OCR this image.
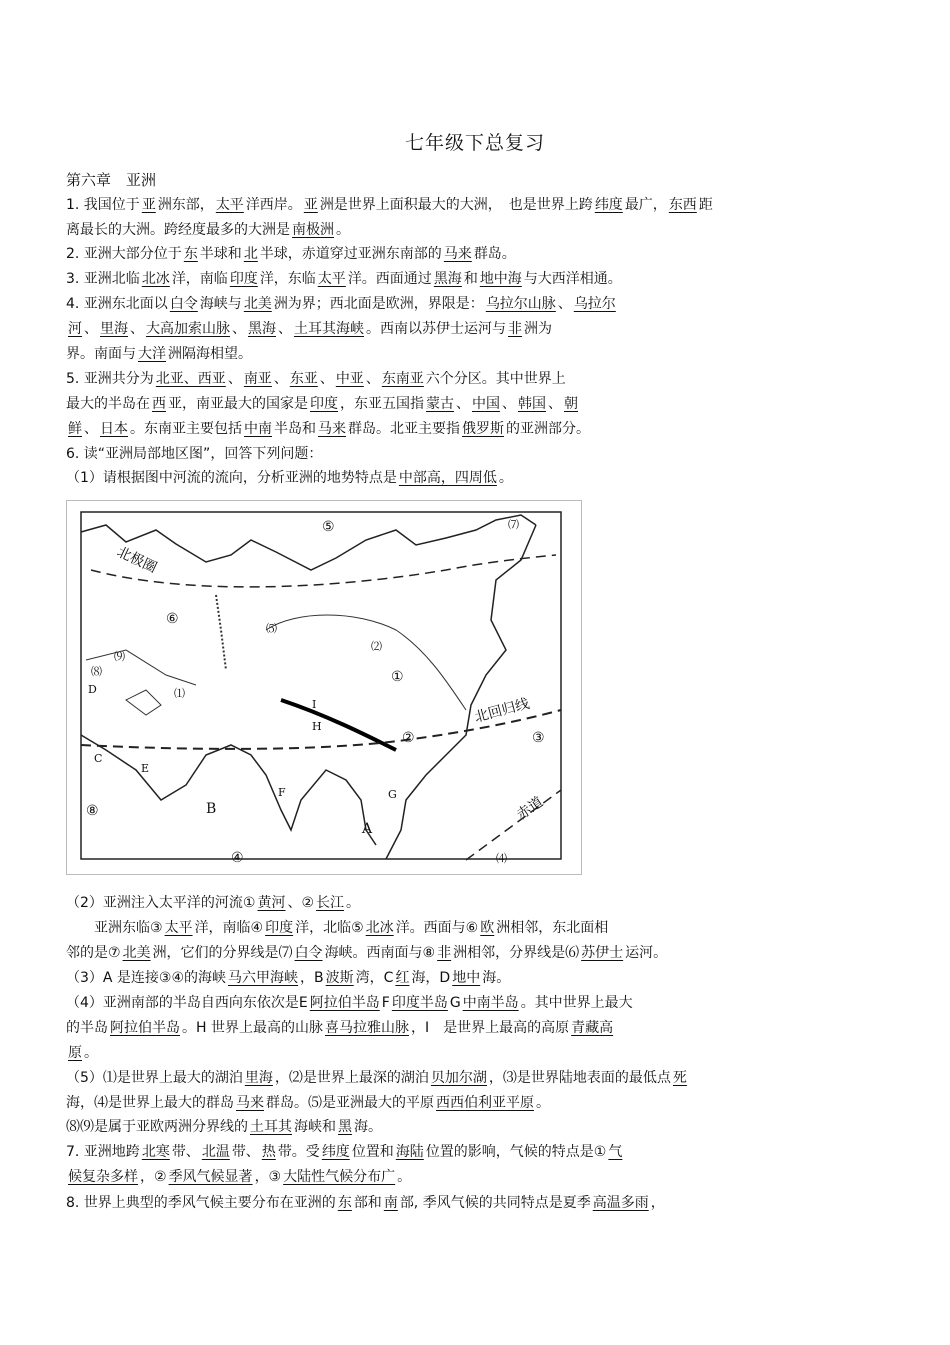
七年级下总复习
第六章　亚洲
1. 我国位于 亚 洲东部， 太平 洋西岸。 亚 洲是世界上面积最大的大洲，　也是世界上跨 纬度 最广， 东西 距
离最长的大洲。跨经度最多的大洲是 南极洲 。
2. 亚洲大部分位于 东 半球和 北 半球，赤道穿过亚洲东南部的 马来 群岛。
3. 亚洲北临 北冰 洋，南临 印度 洋，东临 太平 洋。西面通过 黑海 和 地中海 与大西洋相通。
4. 亚洲东北面以 白令 海峡与 北美 洲为界；西北面是欧洲，界限是： 乌拉尔山脉 、 乌拉尔
河 、 里海 、 大高加索山脉 、 黑海 、 土耳其海峡 。西南以苏伊士运河与 非 洲为
界。南面与 大洋 洲隔海相望。
5. 亚洲共分为 北亚、西亚 、 南亚 、 东亚 、 中亚 、 东南亚 六个分区。其中世界上
最大的半岛在 西 亚，南亚最大的国家是 印度 ，东亚五国指 蒙古 、 中国 、 韩国 、 朝
鲜 、 日本 。东南亚主要包括 中南 半岛和 马来 群岛。北亚主要指 俄罗斯 的亚洲部分。
6. 读“亚洲局部地区图”，回答下列问题：
（1）请根据图中河流的流向，分析亚洲的地势特点是 中部高，四周低 。
北极圈
北回归线
赤道
⑤	⑺
⑥
⑸
⑵
①
⑼
⑻
⑴
②	③
⑧
④	⑷
D
C
E
B
I
H
F	G
A
（2）亚洲注入太平洋的河流① 黄河 、② 长江 。
　　亚洲东临③ 太平 洋，南临④ 印度 洋，北临⑤ 北冰 洋。西面与⑥ 欧 洲相邻，东北面相
邻的是⑦ 北美 洲，它们的分界线是⑺ 白令 海峡。西南面与⑧ 非 洲相邻，分界线是⑹ 苏伊士 运河。
（3）A 是连接③④的海峡 马六甲海峡 ，B 波斯 湾，C 红 海，D 地中 海。
（4）亚洲南部的半岛自西向东依次是E 阿拉伯半岛 F 印度半岛 G 中南半岛 。其中世界上最大
的半岛 阿拉伯半岛 。H 世界上最高的山脉 喜马拉雅山脉 ，I　是世界上最高的高原 青藏高
原 。
（5）⑴是世界上最大的湖泊 里海 ，⑵是世界上最深的湖泊 贝加尔湖 ，⑶是世界陆地表面的最低点 死
海，⑷是世界上最大的群岛 马来 群岛。⑸是亚洲最大的平原 西西伯利亚平原 。
⑻⑼是属于亚欧两洲分界线的 土耳其 海峡和 黑 海。
7. 亚洲地跨 北寒 带、 北温 带、 热 带。受 纬度 位置和 海陆 位置的影响，气候的特点是① 气
候复杂多样 ，② 季风气候显著 ，③ 大陆性气候分布广 。
8. 世界上典型的季风气候主要分布在亚洲的 东 部和 南 部, 季风气候的共同特点是夏季 高温多雨 ，
